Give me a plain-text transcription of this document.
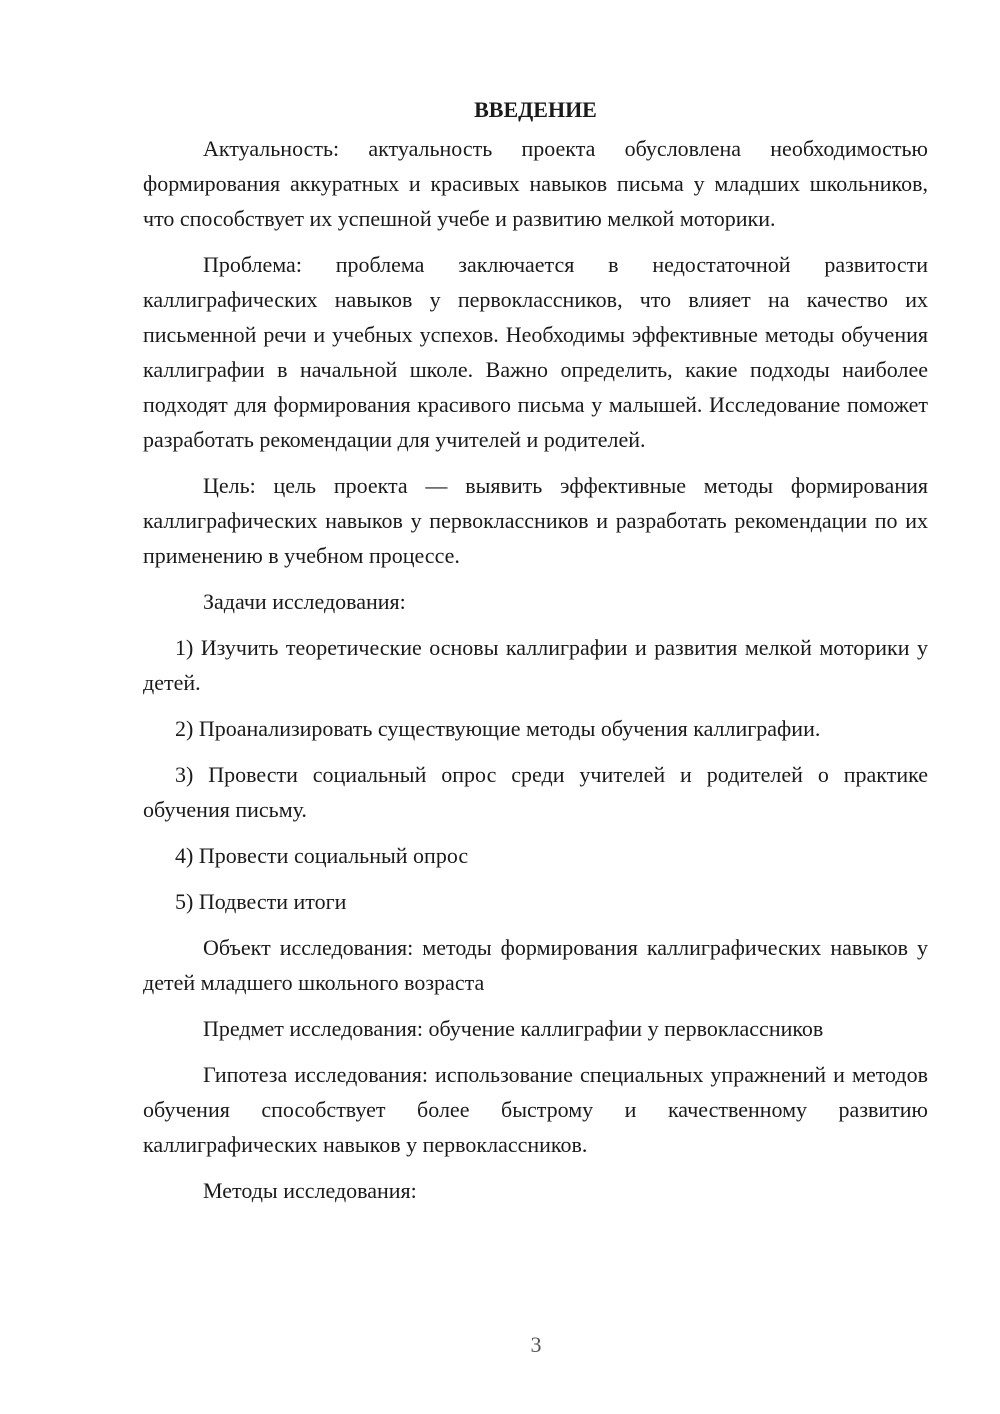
ВВЕДЕНИЕ

Актуальность: актуальность проекта обусловлена необходимостью формирования аккуратных и красивых навыков письма у младших школьников, что способствует их успешной учебе и развитию мелкой моторики.

Проблема: проблема заключается в недостаточной развитости каллиграфических навыков у первоклассников, что влияет на качество их письменной речи и учебных успехов. Необходимы эффективные методы обучения каллиграфии в начальной школе. Важно определить, какие подходы наиболее подходят для формирования красивого письма у малышей. Исследование поможет разработать рекомендации для учителей и родителей.

Цель: цель проекта — выявить эффективные методы формирования каллиграфических навыков у первоклассников и разработать рекомендации по их применению в учебном процессе.

Задачи исследования:

1) Изучить теоретические основы каллиграфии и развития мелкой моторики у детей.

2) Проанализировать существующие методы обучения каллиграфии.

3) Провести социальный опрос среди учителей и родителей о практике обучения письму.

4) Провести социальный опрос

5) Подвести итоги

Объект исследования: методы формирования каллиграфических навыков у детей младшего школьного возраста

Предмет исследования: обучение каллиграфии у первоклассников

Гипотеза исследования: использование специальных упражнений и методов обучения способствует более быстрому и качественному развитию каллиграфических навыков у первоклассников.

Методы исследования:

3
